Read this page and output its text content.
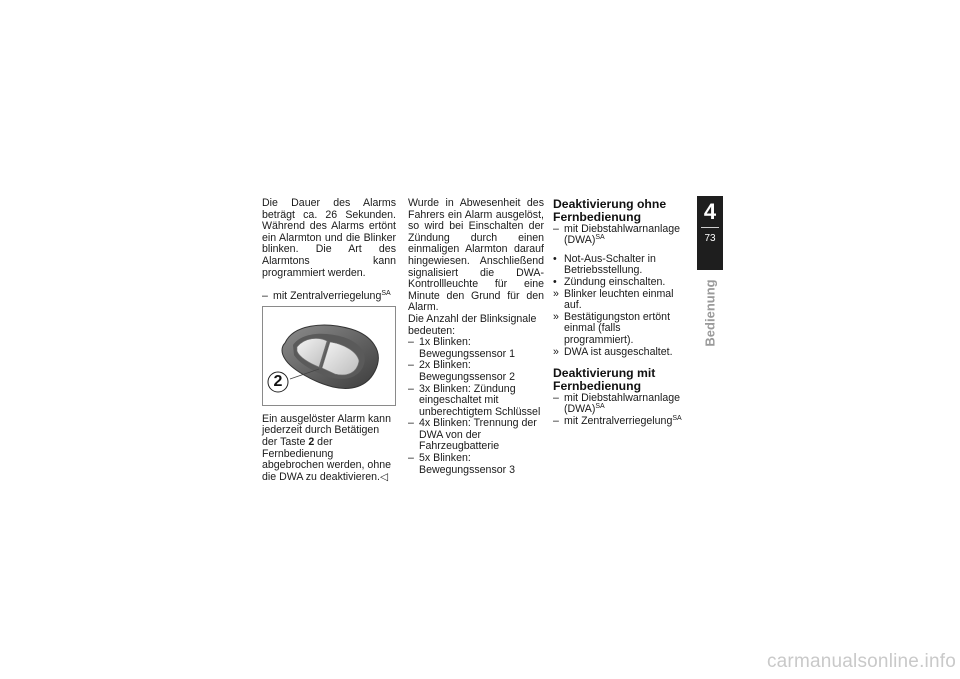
Die Dauer des Alarms beträgt ca. 26 Sekunden. Während des Alarms ertönt ein Alarmton und die Blinker blinken. Die Art des Alarmtons kann programmiert werden.

– mit Zentralverriegelung$^{SA}$

2

Ein ausgelöster Alarm kann jederzeit durch Betätigen der Taste 2 der Fernbedienung abgebrochen werden, ohne die DWA zu deaktivieren.◁

Wurde in Abwesenheit des Fahrers ein Alarm ausgelöst, so wird bei Einschalten der Zündung durch einen einmaligen Alarmton darauf hingewiesen. Anschließend signalisiert die DWA-Kontrollleuchte für eine Minute den Grund für den Alarm.

Die Anzahl der Blinksignale bedeuten:

– 1x Blinken: Bewegungssensor 1

– 2x Blinken: Bewegungssensor 2

– 3x Blinken: Zündung eingeschaltet mit unberechtigtem Schlüssel

– 4x Blinken: Trennung der DWA von der Fahrzeugbatterie

– 5x Blinken: Bewegungssensor 3

Deaktivierung ohne Fernbedienung

– mit Diebstahlwarnanlage (DWA)$^{SA}$

• Not-Aus-Schalter in Betriebsstellung.

• Zündung einschalten.

» Blinker leuchten einmal auf.

» Bestätigungston ertönt einmal (falls programmiert).

» DWA ist ausgeschaltet.

Deaktivierung mit Fernbedienung

– mit Diebstahlwarnanlage (DWA)$^{SA}$

– mit Zentralverriegelung$^{SA}$

4
73
Bedienung
carmanualsonline.info
